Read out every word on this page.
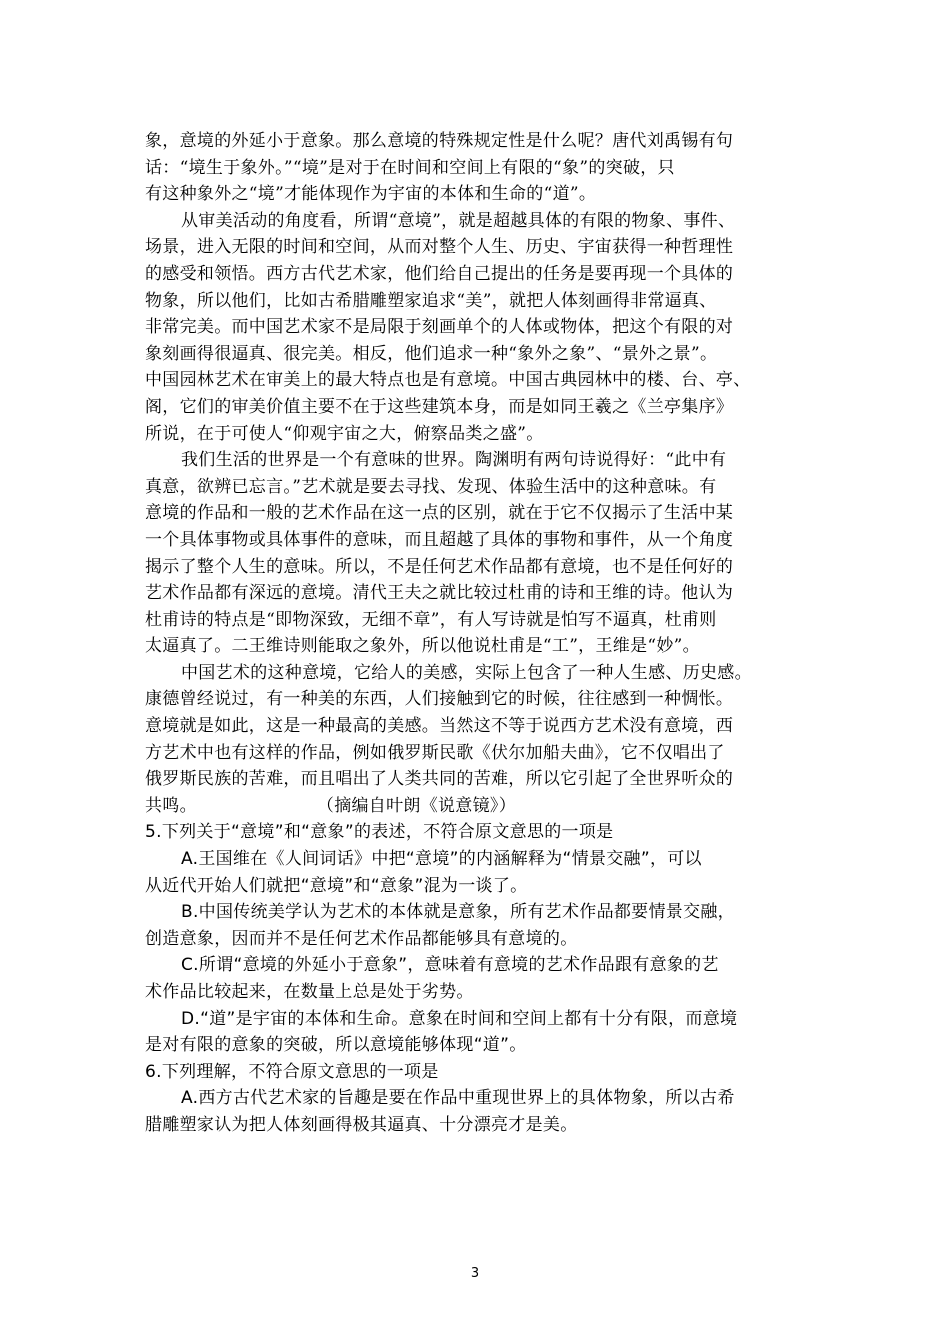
象，意境的外延小于意象。那么意境的特殊规定性是什么呢？唐代刘禹锡有句
话：“境生于象外。”“境”是对于在时间和空间上有限的“象”的突破，只
有这种象外之“境”才能体现作为宇宙的本体和生命的“道”。
从审美活动的角度看，所谓“意境”，就是超越具体的有限的物象、事件、
场景，进入无限的时间和空间，从而对整个人生、历史、宇宙获得一种哲理性
的感受和领悟。西方古代艺术家，他们给自己提出的任务是要再现一个具体的
物象，所以他们，比如古希腊雕塑家追求“美”，就把人体刻画得非常逼真、
非常完美。而中国艺术家不是局限于刻画单个的人体或物体，把这个有限的对
象刻画得很逼真、很完美。相反，他们追求一种“象外之象”、“景外之景”。
中国园林艺术在审美上的最大特点也是有意境。中国古典园林中的楼、台、亭、
阁，它们的审美价值主要不在于这些建筑本身，而是如同王羲之《兰亭集序》
所说，在于可使人“仰观宇宙之大，俯察品类之盛”。
我们生活的世界是一个有意味的世界。陶渊明有两句诗说得好：“此中有
真意，欲辨已忘言。”艺术就是要去寻找、发现、体验生活中的这种意味。有
意境的作品和一般的艺术作品在这一点的区别，就在于它不仅揭示了生活中某
一个具体事物或具体事件的意味，而且超越了具体的事物和事件，从一个角度
揭示了整个人生的意味。所以，不是任何艺术作品都有意境，也不是任何好的
艺术作品都有深远的意境。清代王夫之就比较过杜甫的诗和王维的诗。他认为
杜甫诗的特点是“即物深致，无细不章”，有人写诗就是怕写不逼真，杜甫则
太逼真了。二王维诗则能取之象外，所以他说杜甫是“工”，王维是“妙”。
中国艺术的这种意境，它给人的美感，实际上包含了一种人生感、历史感。
康德曾经说过，有一种美的东西，人们接触到它的时候，往往感到一种惆怅。
意境就是如此，这是一种最高的美感。当然这不等于说西方艺术没有意境，西
方艺术中也有这样的作品，例如俄罗斯民歌《伏尔加船夫曲》，它不仅唱出了
俄罗斯民族的苦难，而且唱出了人类共同的苦难，所以它引起了全世界听众的
共鸣。	（摘编自叶朗《说意镜》）
5.下列关于“意境”和“意象”的表述，不符合原文意思的一项是
A.王国维在《人间词话》中把“意境”的内涵解释为“情景交融”，可以
从近代开始人们就把“意境”和“意象”混为一谈了。
B.中国传统美学认为艺术的本体就是意象，所有艺术作品都要情景交融，
创造意象，因而并不是任何艺术作品都能够具有意境的。
C.所谓“意境的外延小于意象”，意味着有意境的艺术作品跟有意象的艺
术作品比较起来，在数量上总是处于劣势。
D.“道”是宇宙的本体和生命。意象在时间和空间上都有十分有限，而意境
是对有限的意象的突破，所以意境能够体现“道”。
6.下列理解，不符合原文意思的一项是
A.西方古代艺术家的旨趣是要在作品中重现世界上的具体物象，所以古希
腊雕塑家认为把人体刻画得极其逼真、十分漂亮才是美。
3
